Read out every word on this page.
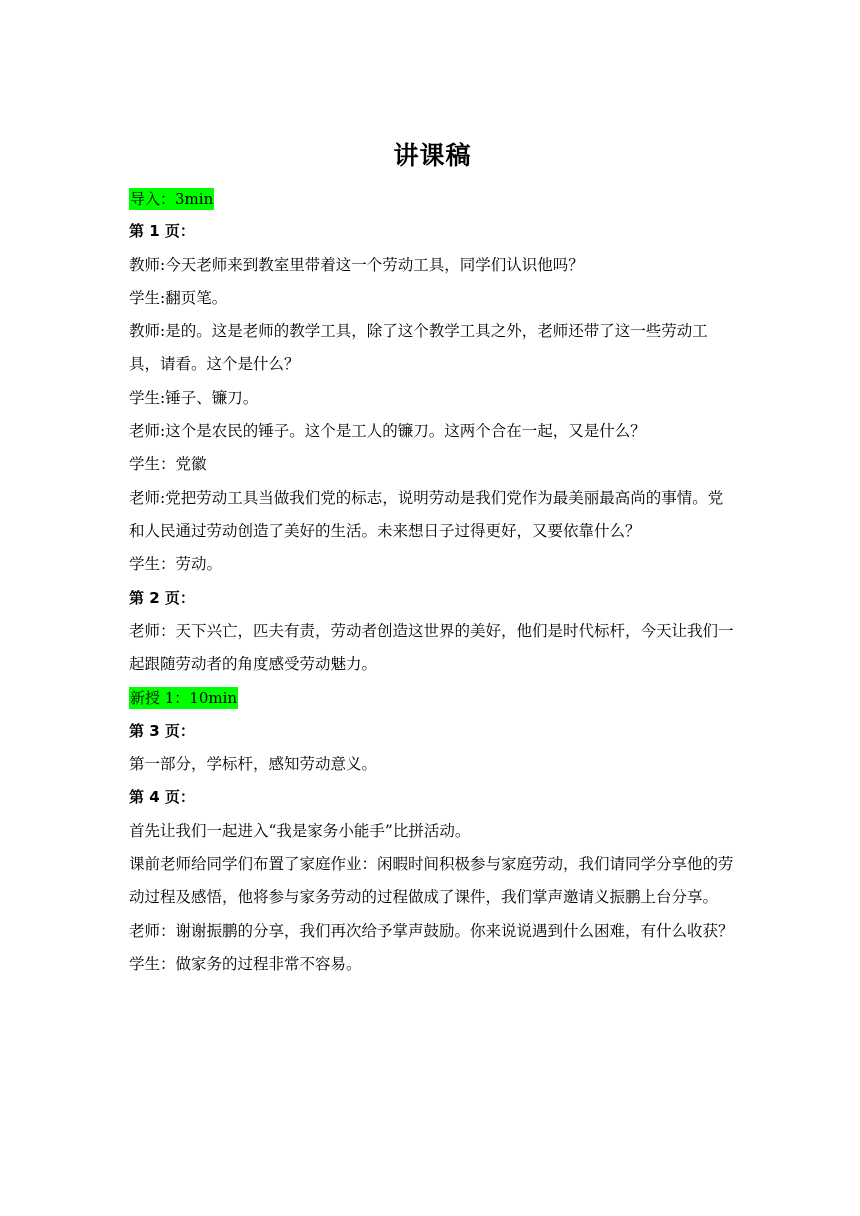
讲课稿
导入：3min

第 1 页：

教师:今天老师来到教室里带着这一个劳动工具，同学们认识他吗？

学生:翻页笔。

教师:是的。这是老师的教学工具，除了这个教学工具之外，老师还带了这一些劳动工具，请看。这个是什么？

学生:锤子、镰刀。

老师:这个是农民的锤子。这个是工人的镰刀。这两个合在一起，又是什么？

学生：党徽

老师:党把劳动工具当做我们党的标志，说明劳动是我们党作为最美丽最高尚的事情。党和人民通过劳动创造了美好的生活。未来想日子过得更好，又要依靠什么？

学生：劳动。

第 2 页：

老师：天下兴亡，匹夫有责，劳动者创造这世界的美好，他们是时代标杆，今天让我们一起跟随劳动者的角度感受劳动魅力。

新授 1：10min

第 3 页：

第一部分，学标杆，感知劳动意义。

第 4 页：

首先让我们一起进入“我是家务小能手”比拼活动。

课前老师给同学们布置了家庭作业：闲暇时间积极参与家庭劳动，我们请同学分享他的劳动过程及感悟，他将参与家务劳动的过程做成了课件，我们掌声邀请义振鹏上台分享。

老师：谢谢振鹏的分享，我们再次给予掌声鼓励。你来说说遇到什么困难，有什么收获？

学生：做家务的过程非常不容易。
